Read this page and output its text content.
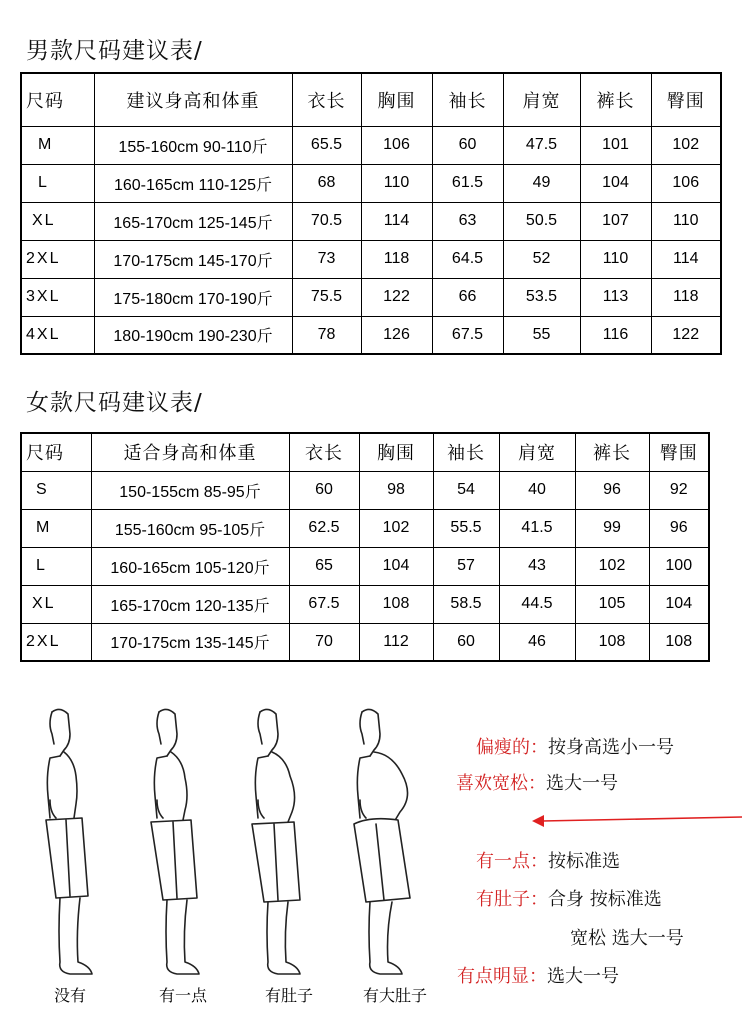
男款尺码建议表/
尺码	建议身高和体重	衣长	胸围	袖长	肩宽	裤长	臀围
M	155-160cm 90-110斤	65.5	106	60	47.5	101	102
L	160-165cm 110-125斤	68	110	61.5	49	104	106
XL	165-170cm 125-145斤	70.5	114	63	50.5	107	110
2XL	170-175cm 145-170斤	73	118	64.5	52	110	114
3XL	175-180cm 170-190斤	75.5	122	66	53.5	113	118
4XL	180-190cm 190-230斤	78	126	67.5	55	116	122
女款尺码建议表/
尺码	适合身高和体重	衣长	胸围	袖长	肩宽	裤长	臀围
S	150-155cm 85-95斤	60	98	54	40	96	92
M	155-160cm 95-105斤	62.5	102	55.5	41.5	99	96
L	160-165cm 105-120斤	65	104	57	43	102	100
XL	165-170cm 120-135斤	67.5	108	58.5	44.5	105	104
2XL	170-175cm 135-145斤	70	112	60	46	108	108
没有	有一点	有肚子	有大肚子
偏瘦的：按身高选小一号
喜欢宽松：选大一号
有一点：按标准选
有肚子：合身 按标准选
宽松 选大一号
有点明显：选大一号
